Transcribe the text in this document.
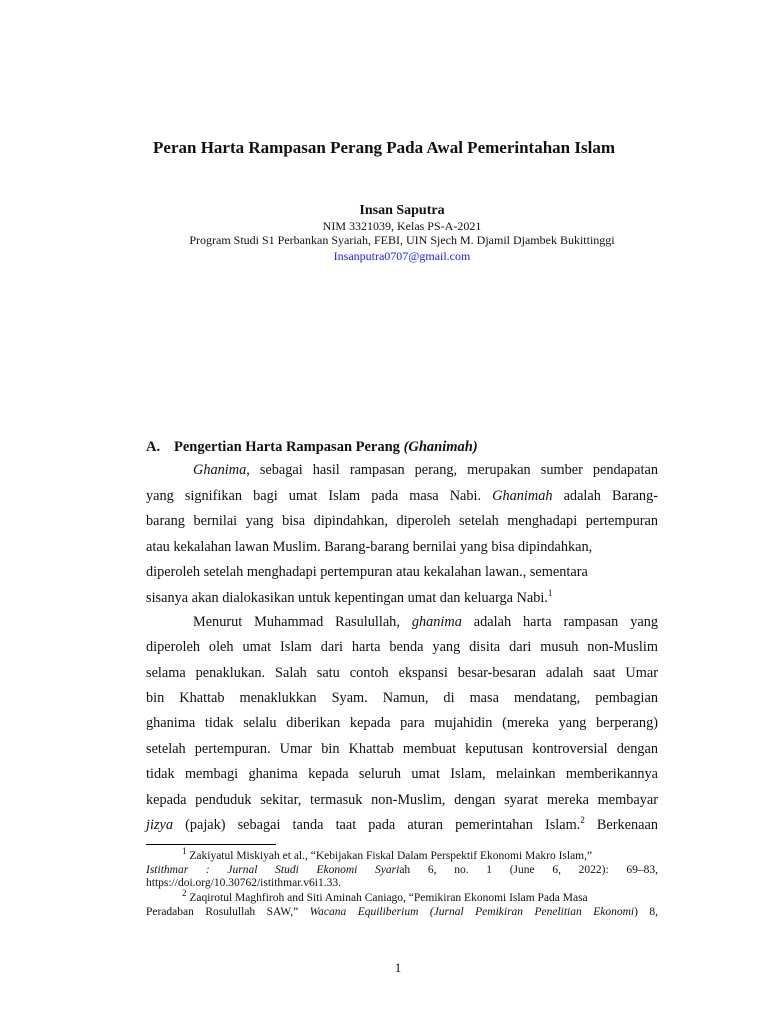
Peran Harta Rampasan Perang Pada Awal Pemerintahan Islam
Insan Saputra
NIM 3321039, Kelas PS-A-2021
Program Studi S1 Perbankan Syariah, FEBI, UIN Sjech M. Djamil Djambek Bukittinggi
Insanputra0707@gmail.com
A. Pengertian Harta Rampasan Perang (Ghanimah)
Ghanima, sebagai hasil rampasan perang, merupakan sumber pendapatan
yang signifikan bagi umat Islam pada masa Nabi. Ghanimah adalah Barang-
barang bernilai yang bisa dipindahkan, diperoleh setelah menghadapi pertempuran
atau kekalahan lawan Muslim. Barang-barang bernilai yang bisa dipindahkan,
diperoleh setelah menghadapi pertempuran atau kekalahan lawan., sementara
sisanya akan dialokasikan untuk kepentingan umat dan keluarga Nabi.$^1$
Menurut Muhammad Rasulullah, ghanima adalah harta rampasan yang
diperoleh oleh umat Islam dari harta benda yang disita dari musuh non-Muslim
selama penaklukan. Salah satu contoh ekspansi besar-besaran adalah saat Umar
bin Khattab menaklukkan Syam. Namun, di masa mendatang, pembagian
ghanima tidak selalu diberikan kepada para mujahidin (mereka yang berperang)
setelah pertempuran. Umar bin Khattab membuat keputusan kontroversial dengan
tidak membagi ghanima kepada seluruh umat Islam, melainkan memberikannya
kepada penduduk sekitar, termasuk non-Muslim, dengan syarat mereka membayar
jizya (pajak) sebagai tanda taat pada aturan pemerintahan Islam.$^2$ Berkenaan
$^1$ Zakiyatul Miskiyah et al., “Kebijakan Fiskal Dalam Perspektif Ekonomi Makro Islam,”
Istithmar : Jurnal Studi Ekonomi Syariah 6, no. 1 (June 6, 2022): 69–83,
https://doi.org/10.30762/istithmar.v6i1.33.
$^2$ Zaqirotul Maghfiroh and Siti Aminah Caniago, “Pemikiran Ekonomi Islam Pada Masa
Peradaban Rosulullah SAW,” Wacana Equiliberium (Jurnal Pemikiran Penelitian Ekonomi) 8,
1
